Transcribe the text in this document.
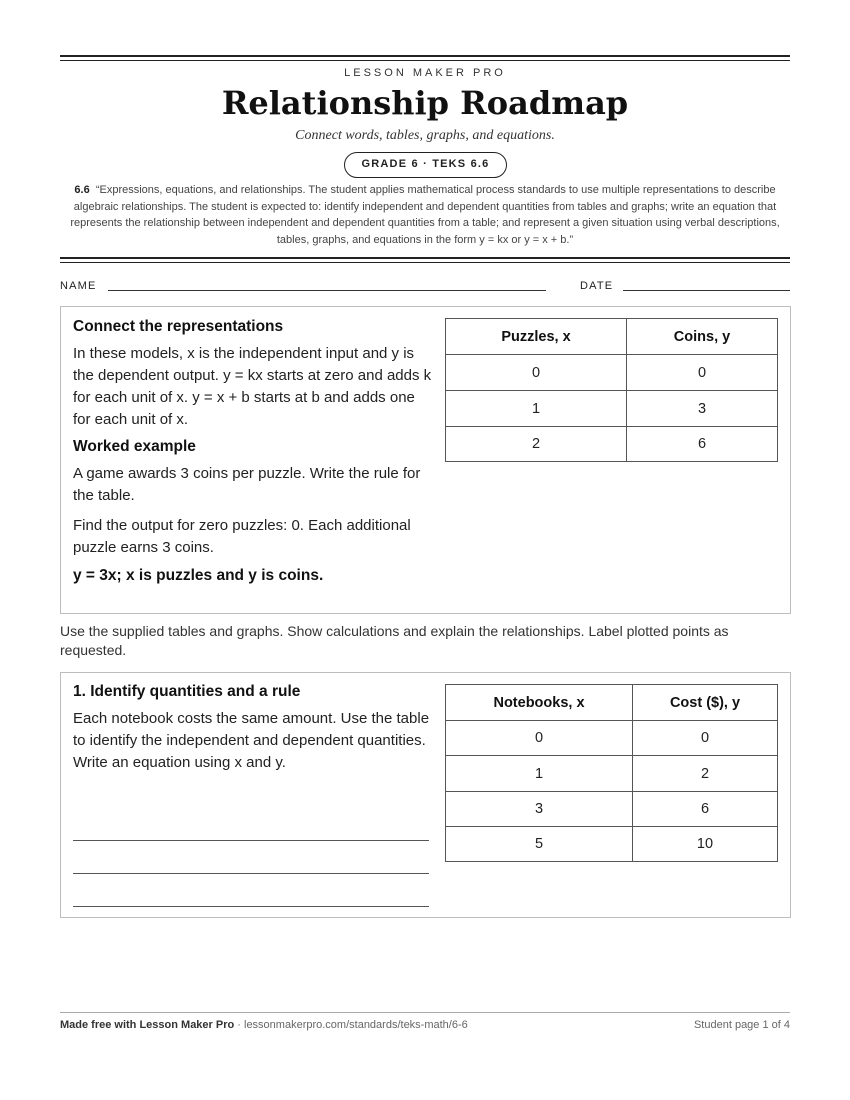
LESSON MAKER PRO
Relationship Roadmap
Connect words, tables, graphs, and equations.
GRADE 6 · TEKS 6.6
6.6 “Expressions, equations, and relationships. The student applies mathematical process standards to use multiple representations to describe algebraic relationships. The student is expected to: identify independent and dependent quantities from tables and graphs; write an equation that represents the relationship between independent and dependent quantities from a table; and represent a given situation using verbal descriptions, tables, graphs, and equations in the form y = kx or y = x + b.”
NAME	DATE
Connect the representations
In these models, x is the independent input and y is the dependent output. y = kx starts at zero and adds k for each unit of x. y = x + b starts at b and adds one for each unit of x.
Worked example
A game awards 3 coins per puzzle. Write the rule for the table.
Find the output for zero puzzles: 0. Each additional puzzle earns 3 coins.
y = 3x; x is puzzles and y is coins.
Puzzles, x	Coins, y
0	0
1	3
2	6
Use the supplied tables and graphs. Show calculations and explain the relationships. Label plotted points as requested.
1. Identify quantities and a rule
Each notebook costs the same amount. Use the table to identify the independent and dependent quantities. Write an equation using x and y.
Notebooks, x	Cost ($), y
0	0
1	2
3	6
5	10
Made free with Lesson Maker Pro · lessonmakerpro.com/standards/teks-math/6-6	Student page 1 of 4
